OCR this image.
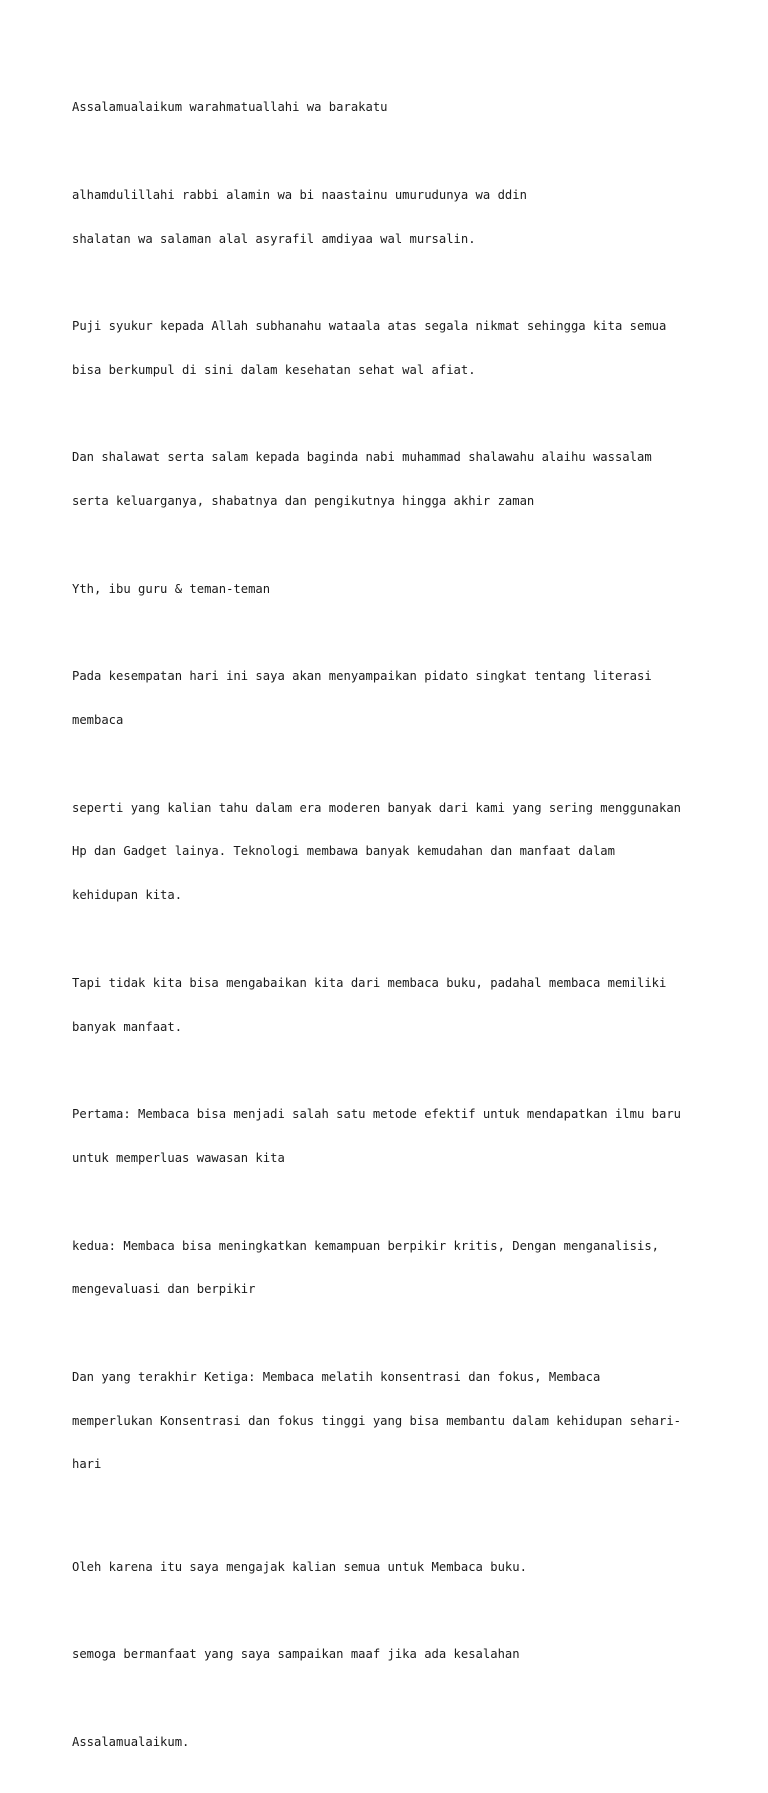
Assalamualaikum warahmatuallahi wa barakatu

alhamdulillahi rabbi alamin wa bi naastainu umurudunya wa ddin

shalatan wa salaman alal asyrafil amdiyaa wal mursalin.

Puji syukur kepada Allah subhanahu wataala atas segala nikmat sehingga kita semua

bisa berkumpul di sini dalam kesehatan sehat wal afiat.

Dan shalawat serta salam kepada baginda nabi muhammad shalawahu alaihu wassalam

serta keluarganya, shabatnya dan pengikutnya hingga akhir zaman

Yth, ibu guru & teman-teman

Pada kesempatan hari ini saya akan menyampaikan pidato singkat tentang literasi

membaca

seperti yang kalian tahu dalam era moderen banyak dari kami yang sering menggunakan

Hp dan Gadget lainya. Teknologi membawa banyak kemudahan dan manfaat dalam

kehidupan kita.

Tapi tidak kita bisa mengabaikan kita dari membaca buku, padahal membaca memiliki

banyak manfaat.

Pertama: Membaca bisa menjadi salah satu metode efektif untuk mendapatkan ilmu baru

untuk memperluas wawasan kita

kedua: Membaca bisa meningkatkan kemampuan berpikir kritis, Dengan menganalisis,

mengevaluasi dan berpikir

Dan yang terakhir Ketiga: Membaca melatih konsentrasi dan fokus, Membaca

memperlukan Konsentrasi dan fokus tinggi yang bisa membantu dalam kehidupan sehari-

hari

Oleh karena itu saya mengajak kalian semua untuk Membaca buku.

semoga bermanfaat yang saya sampaikan maaf jika ada kesalahan

Assalamualaikum.
